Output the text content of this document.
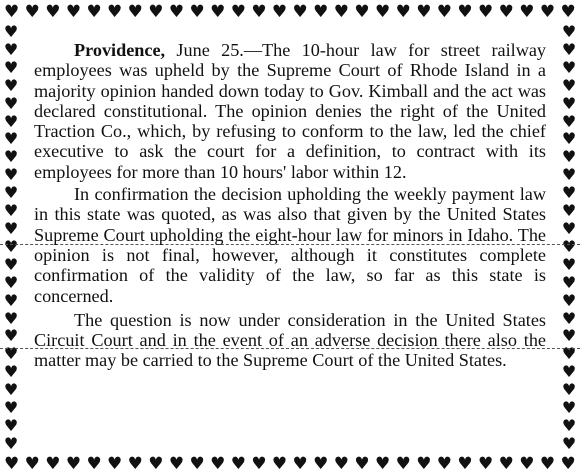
♥ ♥ ♥ ♥ ♥ ♥ ♥ ♥ ♥ ♥ ♥ ♥ ♥ ♥ ♥ ♥ ♥ ♥ ♥ ♥ ♥ ♥ ♥ ♥ ♥ ♥ ♥ ♥
♥
♥
♥
♥
♥
♥
♥
♥
♥
♥
♥
♥
♥
♥
♥
♥
♥
♥
♥
♥
♥
♥
♥
♥
♥
♥
♥
♥
♥
♥
♥
♥
♥
♥
♥
♥
♥
♥
♥
♥
♥
♥
♥
♥
♥
♥
♥
♥
♥ ♥ ♥ ♥ ♥ ♥ ♥ ♥ ♥ ♥ ♥ ♥ ♥ ♥ ♥ ♥ ♥ ♥ ♥ ♥ ♥ ♥ ♥ ♥ ♥ ♥ ♥ ♥

Providence, June 25.—The 10-hour law for street railway employees was upheld by the Supreme Court of Rhode Island in a majority opinion handed down today to Gov. Kimball and the act was declared constitutional. The opinion denies the right of the United Traction Co., which, by refusing to conform to the law, led the chief executive to ask the court for a definition, to contract with its employees for more than 10 hours' labor within 12.

In confirmation the decision upholding the weekly payment law in this state was quoted, as was also that given by the United States Supreme Court upholding the eight-hour law for minors in Idaho. The opinion is not final, however, although it constitutes complete confirmation of the validity of the law, so far as this state is concerned.

The question is now under consideration in the United States Circuit Court and in the event of an adverse decision there also the matter may be carried to the Supreme Court of the United States.
